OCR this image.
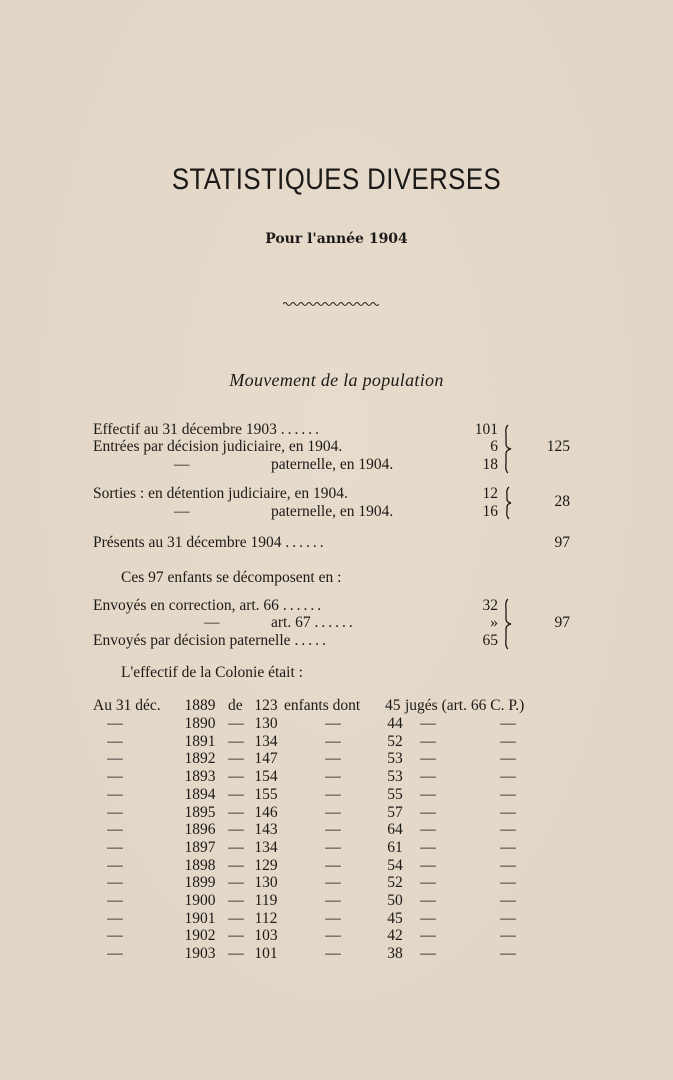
STATISTIQUES DIVERSES
Pour l'année 1904
Mouvement de la population
Effectif au 31 décembre 1903 ......	101
Entrées par décision judiciaire, en 1904.	6
—	paternelle, en 1904.	18
125
Sorties : en détention judiciaire, en 1904.	12
—	paternelle, en 1904.	16
28
Présents au 31 décembre 1904 ......	97
Ces 97 enfants se décomposent en :
Envoyés en correction, art. 66 ......	32
—	art. 67 ......	»
Envoyés par décision paternelle .....	65
97
L'effectif de la Colonie était :
Au 31 déc. 1889 de 123 enfants dont 45 jugés (art. 66 C. P.)
—	1890 — 130	—	44	—	—
—	1891 — 134	—	52	—	—
—	1892 — 147	—	53	—	—
—	1893 — 154	—	53	—	—
—	1894 — 155	—	55	—	—
—	1895 — 146	—	57	—	—
—	1896 — 143	—	64	—	—
—	1897 — 134	—	61	—	—
—	1898 — 129	—	54	—	—
—	1899 — 130	—	52	—	—
—	1900 — 119	—	50	—	—
—	1901 — 112	—	45	—	—
—	1902 — 103	—	42	—	—
—	1903 — 101	—	38	—	—
